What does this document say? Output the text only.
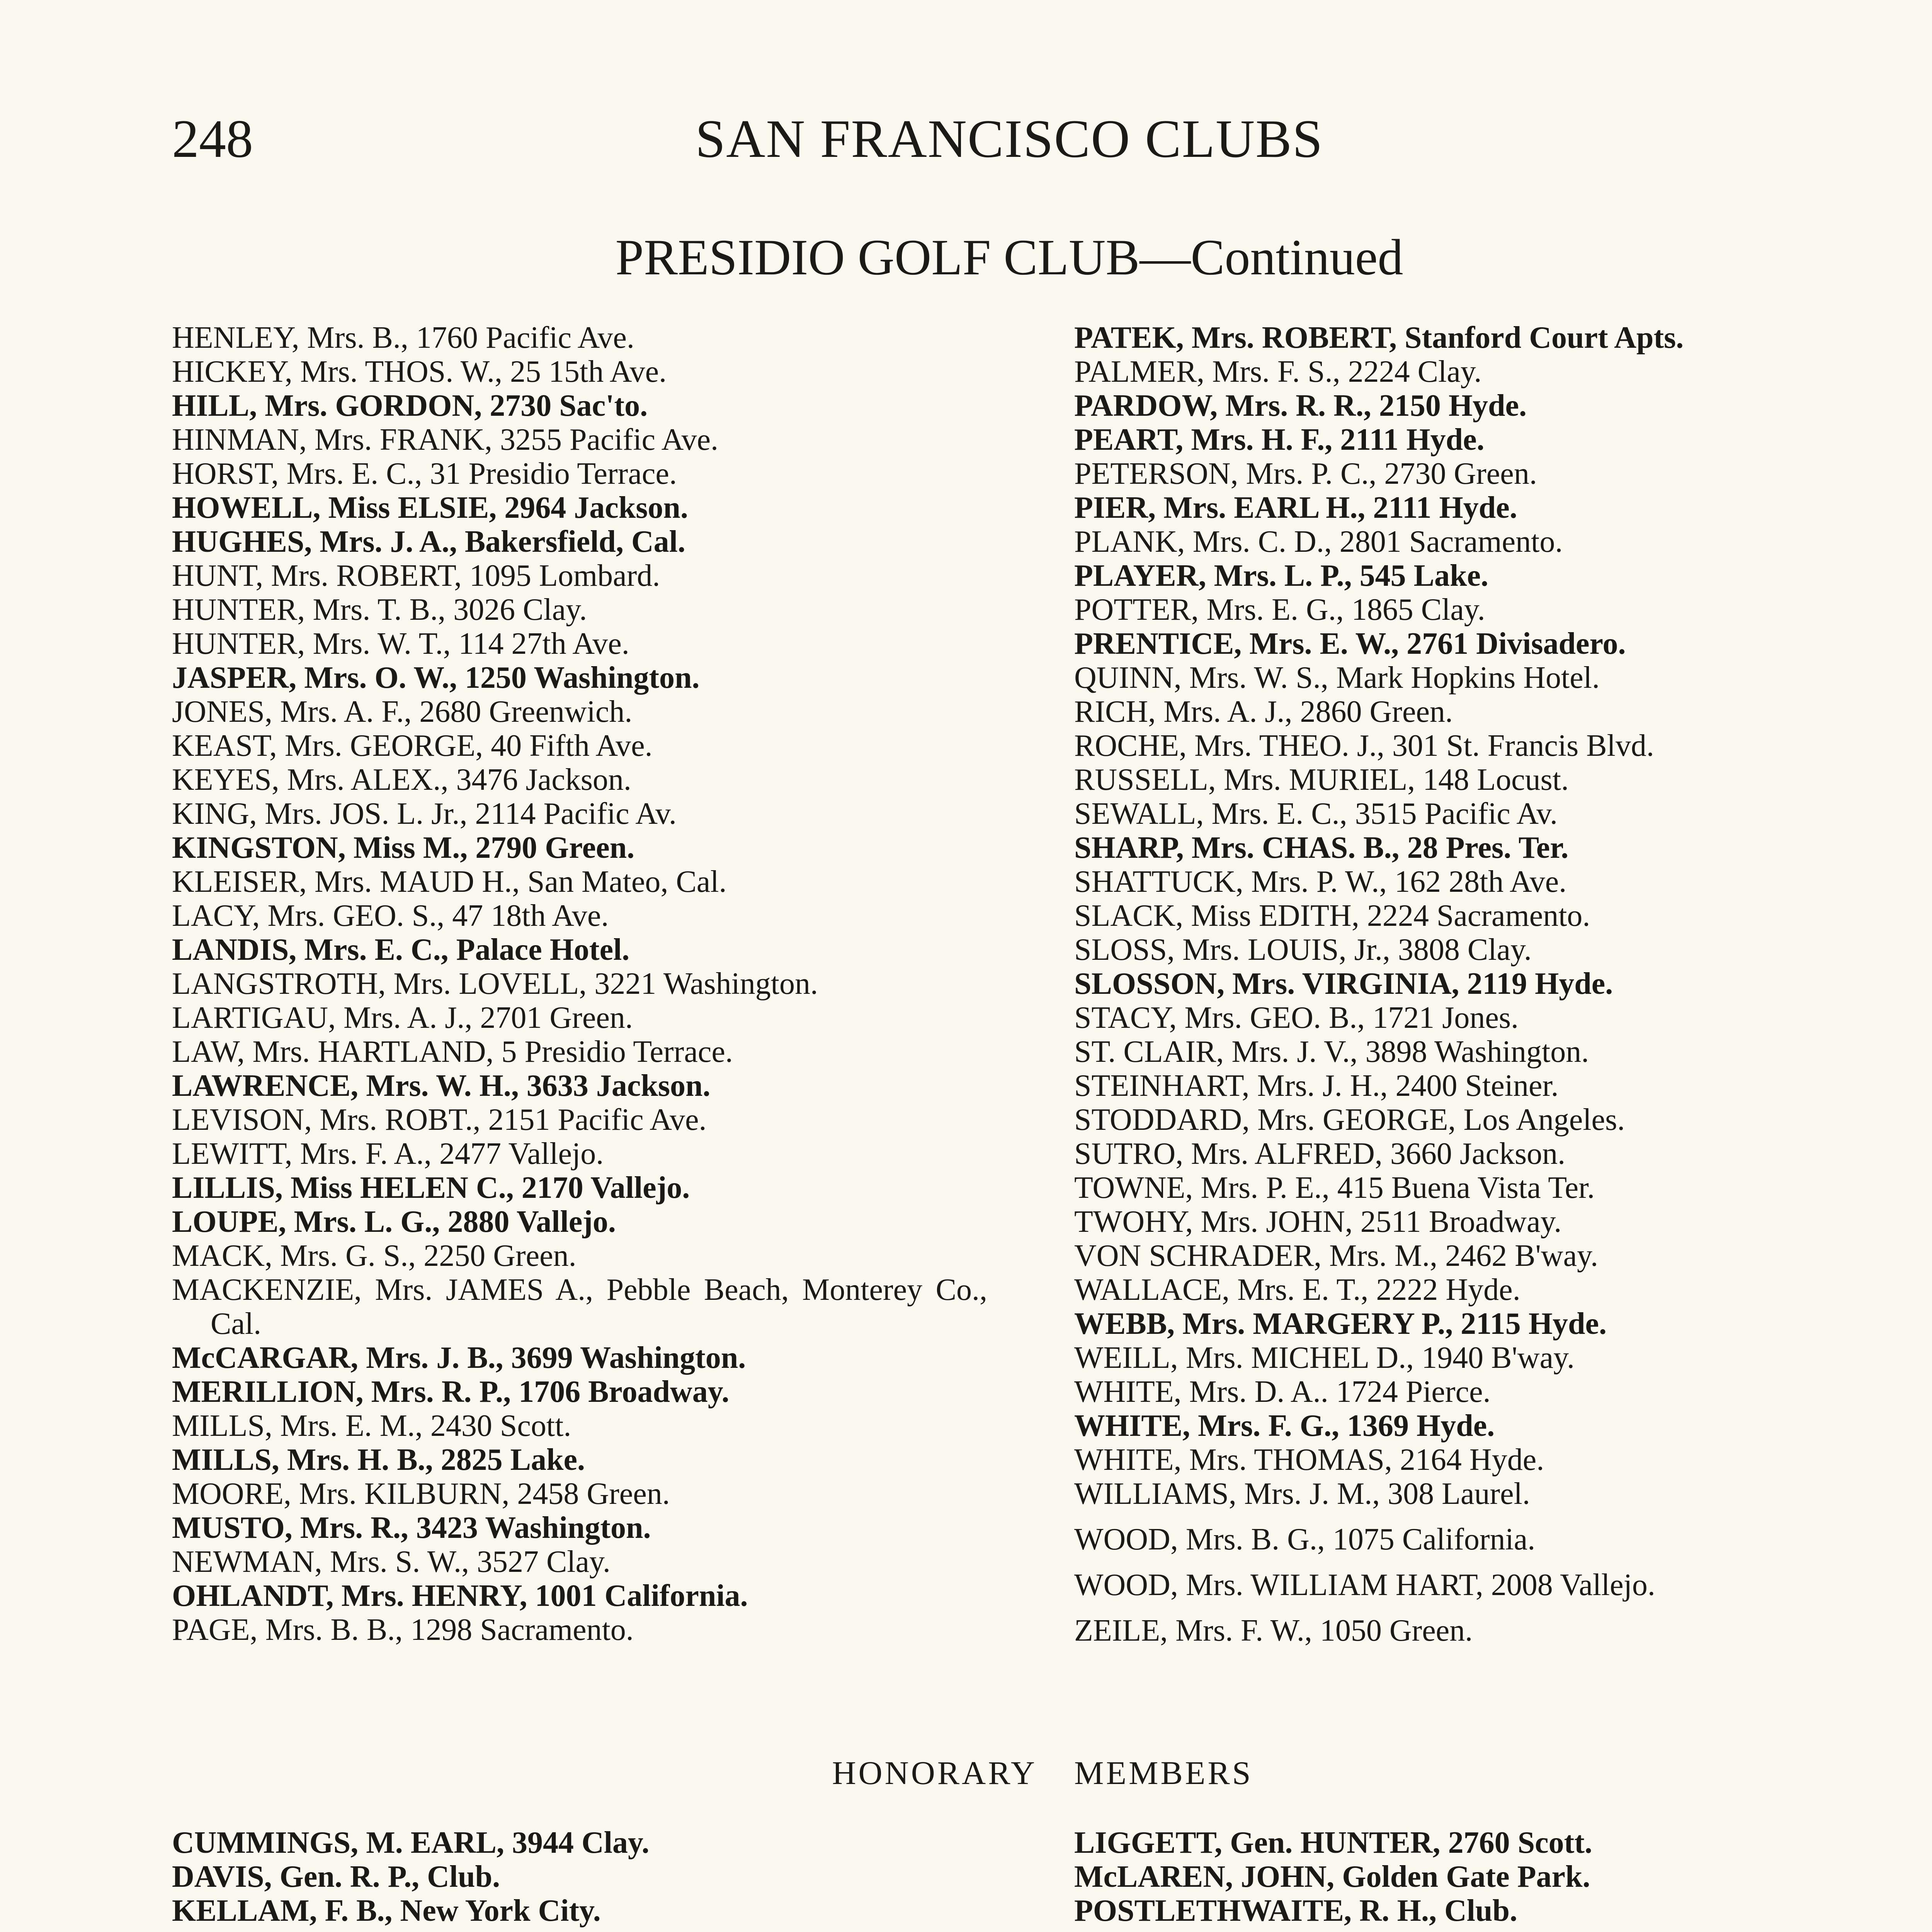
248	SAN FRANCISCO CLUBS
PRESIDIO GOLF CLUB—Continued
HENLEY, Mrs. B., 1760 Pacific Ave.
HICKEY, Mrs. THOS. W., 25 15th Ave.
HILL, Mrs. GORDON, 2730 Sac'to.
HINMAN, Mrs. FRANK, 3255 Pacific Ave.
HORST, Mrs. E. C., 31 Presidio Terrace.
HOWELL, Miss ELSIE, 2964 Jackson.
HUGHES, Mrs. J. A., Bakersfield, Cal.
HUNT, Mrs. ROBERT, 1095 Lombard.
HUNTER, Mrs. T. B., 3026 Clay.
HUNTER, Mrs. W. T., 114 27th Ave.
JASPER, Mrs. O. W., 1250 Washington.
JONES, Mrs. A. F., 2680 Greenwich.
KEAST, Mrs. GEORGE, 40 Fifth Ave.
KEYES, Mrs. ALEX., 3476 Jackson.
KING, Mrs. JOS. L. Jr., 2114 Pacific Av.
KINGSTON, Miss M., 2790 Green.
KLEISER, Mrs. MAUD H., San Mateo, Cal.
LACY, Mrs. GEO. S., 47 18th Ave.
LANDIS, Mrs. E. C., Palace Hotel.
LANGSTROTH, Mrs. LOVELL, 3221 Washington.
LARTIGAU, Mrs. A. J., 2701 Green.
LAW, Mrs. HARTLAND, 5 Presidio Terrace.
LAWRENCE, Mrs. W. H., 3633 Jackson.
LEVISON, Mrs. ROBT., 2151 Pacific Ave.
LEWITT, Mrs. F. A., 2477 Vallejo.
LILLIS, Miss HELEN C., 2170 Vallejo.
LOUPE, Mrs. L. G., 2880 Vallejo.
MACK, Mrs. G. S., 2250 Green.
MACKENZIE, Mrs. JAMES A., Pebble Beach, Monterey Co., Cal.
McCARGAR, Mrs. J. B., 3699 Washington.
MERILLION, Mrs. R. P., 1706 Broadway.
MILLS, Mrs. E. M., 2430 Scott.
MILLS, Mrs. H. B., 2825 Lake.
MOORE, Mrs. KILBURN, 2458 Green.
MUSTO, Mrs. R., 3423 Washington.
NEWMAN, Mrs. S. W., 3527 Clay.
OHLANDT, Mrs. HENRY, 1001 California.
PAGE, Mrs. B. B., 1298 Sacramento.
PATEK, Mrs. ROBERT, Stanford Court Apts.
PALMER, Mrs. F. S., 2224 Clay.
PARDOW, Mrs. R. R., 2150 Hyde.
PEART, Mrs. H. F., 2111 Hyde.
PETERSON, Mrs. P. C., 2730 Green.
PIER, Mrs. EARL H., 2111 Hyde.
PLANK, Mrs. C. D., 2801 Sacramento.
PLAYER, Mrs. L. P., 545 Lake.
POTTER, Mrs. E. G., 1865 Clay.
PRENTICE, Mrs. E. W., 2761 Divisadero.
QUINN, Mrs. W. S., Mark Hopkins Hotel.
RICH, Mrs. A. J., 2860 Green.
ROCHE, Mrs. THEO. J., 301 St. Francis Blvd.
RUSSELL, Mrs. MURIEL, 148 Locust.
SEWALL, Mrs. E. C., 3515 Pacific Av.
SHARP, Mrs. CHAS. B., 28 Pres. Ter.
SHATTUCK, Mrs. P. W., 162 28th Ave.
SLACK, Miss EDITH, 2224 Sacramento.
SLOSS, Mrs. LOUIS, Jr., 3808 Clay.
SLOSSON, Mrs. VIRGINIA, 2119 Hyde.
STACY, Mrs. GEO. B., 1721 Jones.
ST. CLAIR, Mrs. J. V., 3898 Washington.
STEINHART, Mrs. J. H., 2400 Steiner.
STODDARD, Mrs. GEORGE, Los Angeles.
SUTRO, Mrs. ALFRED, 3660 Jackson.
TOWNE, Mrs. P. E., 415 Buena Vista Ter.
TWOHY, Mrs. JOHN, 2511 Broadway.
VON SCHRADER, Mrs. M., 2462 B'way.
WALLACE, Mrs. E. T., 2222 Hyde.
WEBB, Mrs. MARGERY P., 2115 Hyde.
WEILL, Mrs. MICHEL D., 1940 B'way.
WHITE, Mrs. D. A.. 1724 Pierce.
WHITE, Mrs. F. G., 1369 Hyde.
WHITE, Mrs. THOMAS, 2164 Hyde.
WILLIAMS, Mrs. J. M., 308 Laurel.
WOOD, Mrs. B. G., 1075 California.
WOOD, Mrs. WILLIAM HART, 2008 Vallejo.
ZEILE, Mrs. F. W., 1050 Green.
HONORARY MEMBERS
CUMMINGS, M. EARL, 3944 Clay.
DAVIS, Gen. R. P., Club.
KELLAM, F. B., New York City.
LIGGETT, Gen. HUNTER, 2760 Scott.
McLAREN, JOHN, Golden Gate Park.
POSTLETHWAITE, R. H., Club.
